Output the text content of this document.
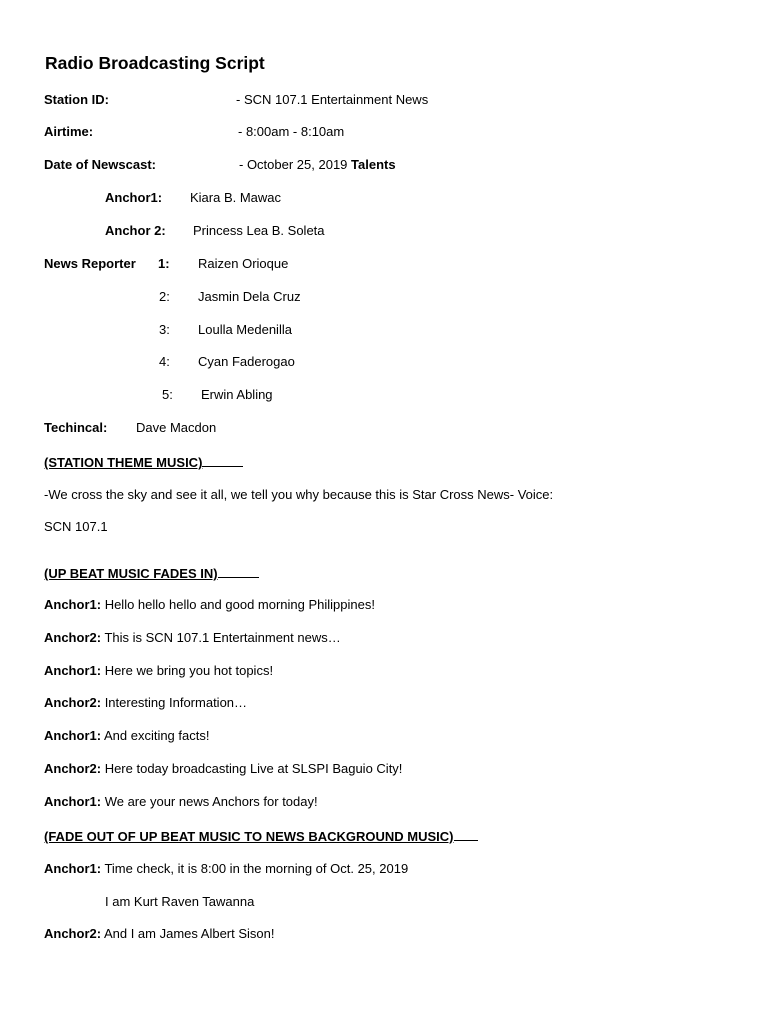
Radio Broadcasting Script
Station ID:	- SCN 107.1 Entertainment News
Airtime:	- 8:00am - 8:10am
Date of Newscast:	- October 25, 2019 Talents
Anchor1: Kiara B. Mawac
Anchor 2: Princess Lea B. Soleta
News Reporter 1: Raizen Orioque
2: Jasmin Dela Cruz
3: Loulla Medenilla
4: Cyan Faderogao
5: Erwin Abling
Techincal: Dave Macdon
(STATION THEME MUSIC)
-We cross the sky and see it all, we tell you why because this is Star Cross News- Voice:
SCN 107.1
(UP BEAT MUSIC FADES IN)
Anchor1: Hello hello hello and good morning Philippines!
Anchor2: This is SCN 107.1 Entertainment news…
Anchor1: Here we bring you hot topics!
Anchor2: Interesting Information…
Anchor1: And exciting facts!
Anchor2: Here today broadcasting Live at SLSPI Baguio City!
Anchor1: We are your news Anchors for today!
(FADE OUT OF UP BEAT MUSIC TO NEWS BACKGROUND MUSIC)
Anchor1: Time check, it is 8:00 in the morning of Oct. 25, 2019
I am Kurt Raven Tawanna
Anchor2: And I am James Albert Sison!
